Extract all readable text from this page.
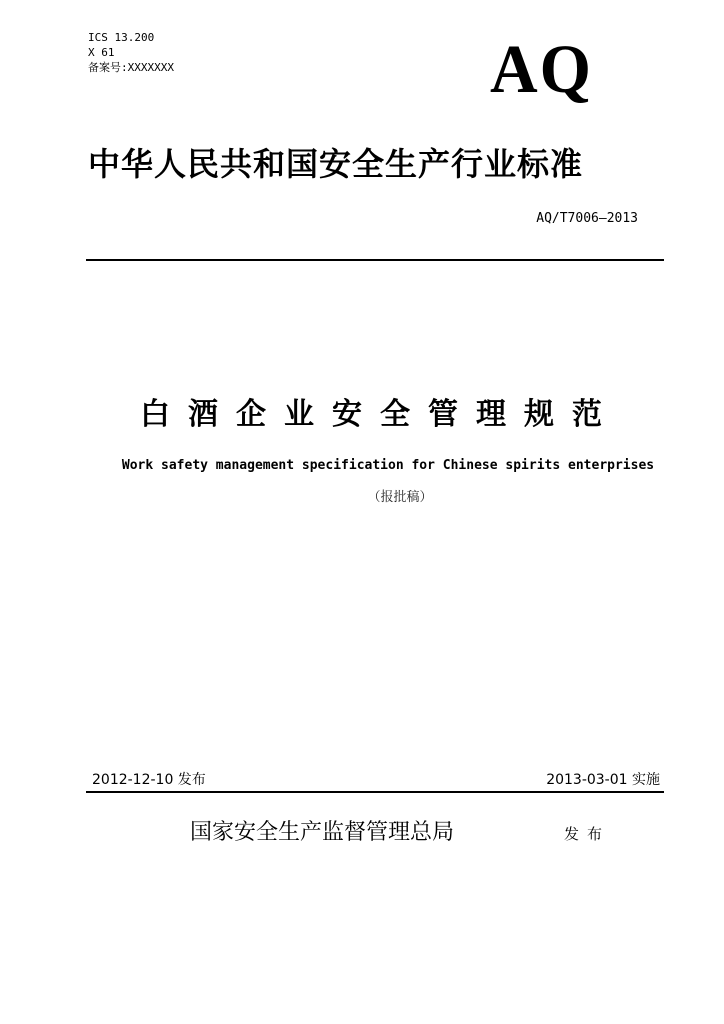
ICS 13.200
X 61
备案号:XXXXXXX	AQ
中华人民共和国安全生产行业标准
AQ/T7006—2013
白酒企业安全管理规范
Work safety management specification for Chinese spirits enterprises
（报批稿）
2012-12-10 发布	2013-03-01 实施
国家安全生产监督管理总局	发布
